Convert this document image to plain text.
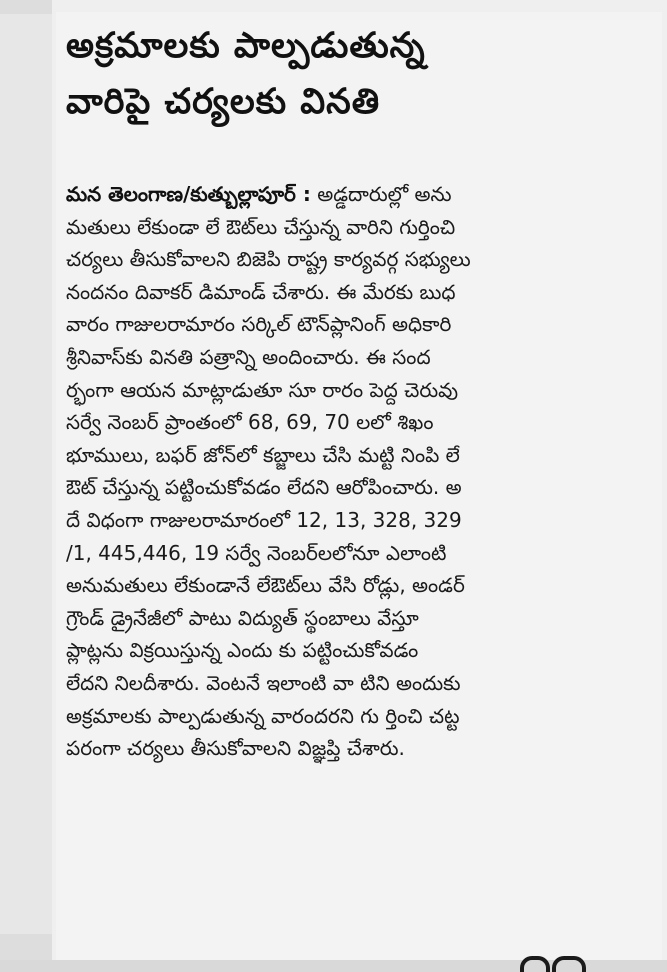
అక్రమాలకు పాల్పడుతున్న
వారిపై చర్యలకు వినతి
మన తెలంగాణ/కుత్బుల్లాపూర్ : అడ్డదారుల్లో అను
మతులు లేకుండా లే ఔట్‌లు చేస్తున్న వారిని గుర్తించి
చర్యలు తీసుకోవాలని బిజెపి రాష్ట్ర కార్యవర్గ సభ్యులు
నందనం దివాకర్ డిమాండ్ చేశారు. ఈ మేరకు బుధ
వారం గాజులరామారం సర్కిల్ టౌన్‌ప్లానింగ్ అధికారి
శ్రీనివాస్‌కు వినతి పత్రాన్ని అందించారు. ఈ సంద
ర్భంగా ఆయన మాట్లాడుతూ సూ రారం పెద్ద చెరువు
సర్వే నెంబర్ ప్రాంతంలో 68, 69, 70 లలో శిఖం
భూములు, బఫర్ జోన్‌లో కబ్జాలు చేసి మట్టి నింపి లే
ఔట్ చేస్తున్న పట్టించుకోవడం లేదని ఆరోపించారు. అ
దే విధంగా గాజులరామారంలో 12, 13, 328, 329
/1, 445,446, 19 సర్వే నెంబర్‌లలోనూ ఎలాంటి
అనుమతులు లేకుండానే లేఔట్‌లు వేసి రోడ్లు, అండర్
గ్రౌండ్ డ్రైనేజీలో పాటు విద్యుత్ స్థంబాలు వేస్తూ
ప్లాట్లను విక్రయిస్తున్న ఎందు కు పట్టించుకోవడం
లేదని నిలదీశారు. వెంటనే ఇలాంటి వా టిని అందుకు
అక్రమాలకు పాల్పడుతున్న వారందరని గు ర్తించి చట్ట
పరంగా చర్యలు తీసుకోవాలని విజ్ఞప్తి చేశారు.
